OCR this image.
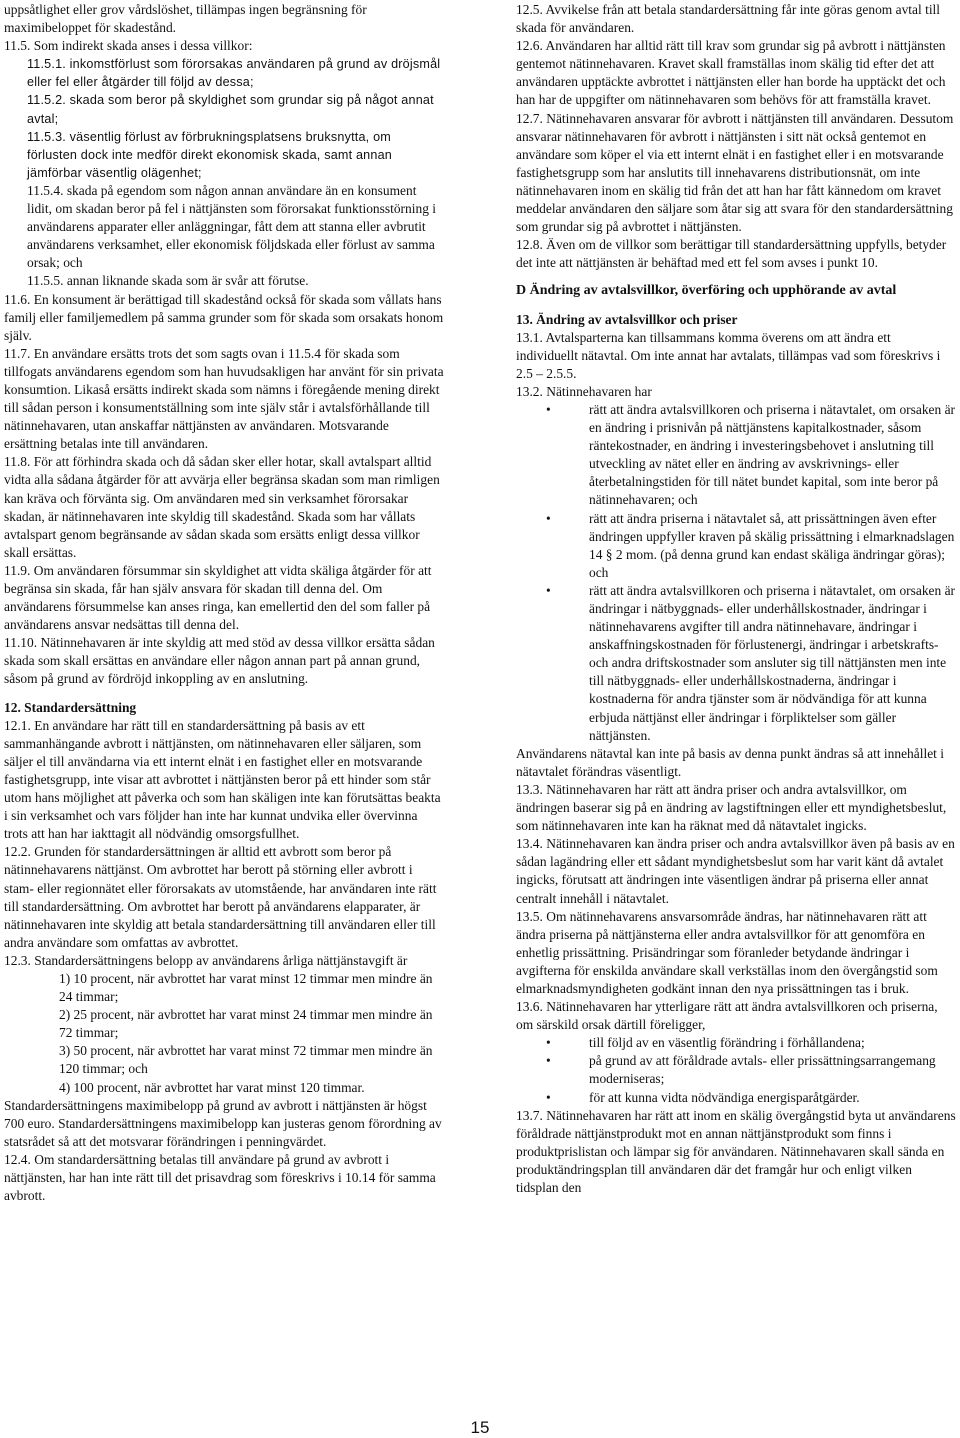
uppsåtlighet eller grov vårdslöshet, tillämpas ingen begränsning för maximibeloppet för skadestånd.

11.5. Som indirekt skada anses i dessa villkor:

11.5.1. inkomstförlust som förorsakas användaren på grund av dröjsmål eller fel eller åtgärder till följd av dessa;

11.5.2. skada som beror på skyldighet som grundar sig på något annat avtal;

11.5.3. väsentlig förlust av förbrukningsplatsens bruksnytta, om förlusten dock inte medför direkt ekonomisk skada, samt annan jämförbar väsentlig olägenhet;

11.5.4. skada på egendom som någon annan användare än en konsument lidit, om skadan beror på fel i nättjänsten som förorsakat funktionsstörning i användarens apparater eller anläggningar, fått dem att stanna eller avbrutit användarens verksamhet, eller ekonomisk följdskada eller förlust av samma orsak; och

11.5.5. annan liknande skada som är svår att förutse.

11.6. En konsument är berättigad till skadestånd också för skada som vållats hans familj eller familjemedlem på samma grunder som för skada som orsakats honom själv.

11.7. En användare ersätts trots det som sagts ovan i 11.5.4 för skada som tillfogats användarens egendom som han huvudsakligen har använt för sin privata konsumtion. Likaså ersätts indirekt skada som nämns i föregående mening direkt till sådan person i konsumentställning som inte själv står i avtalsförhållande till nätinnehavaren, utan anskaffar nättjänsten av användaren. Motsvarande ersättning betalas inte till användaren.

11.8. För att förhindra skada och då sådan sker eller hotar, skall avtalspart alltid vidta alla sådana åtgärder för att avvärja eller begränsa skadan som man rimligen kan kräva och förvänta sig. Om användaren med sin verksamhet förorsakar skadan, är nätinnehavaren inte skyldig till skadestånd. Skada som har vållats avtalspart genom begränsande av sådan skada som ersätts enligt dessa villkor skall ersättas.

11.9. Om användaren försummar sin skyldighet att vidta skäliga åtgärder för att begränsa sin skada, får han själv ansvara för skadan till denna del. Om användarens försummelse kan anses ringa, kan emellertid den del som faller på användarens ansvar nedsättas till denna del.

11.10. Nätinnehavaren är inte skyldig att med stöd av dessa villkor ersätta sådan skada som skall ersättas en användare eller någon annan part på annan grund, såsom på grund av fördröjd inkoppling av en anslutning.

12. Standardersättning

12.1. En användare har rätt till en standardersättning på basis av ett sammanhängande avbrott i nättjänsten, om nätinnehavaren eller säljaren, som säljer el till användarna via ett internt elnät i en fastighet eller en motsvarande fastighetsgrupp, inte visar att avbrottet i nättjänsten beror på ett hinder som står utom hans möjlighet att påverka och som han skäligen inte kan förutsättas beakta i sin verksamhet och vars följder han inte har kunnat undvika eller övervinna trots att han har iakttagit all nödvändig omsorgsfullhet.

12.2. Grunden för standardersättningen är alltid ett avbrott som beror på nätinnehavarens nättjänst. Om avbrottet har berott på störning eller avbrott i stam- eller regionnätet eller förorsakats av utomstående, har användaren inte rätt till standardersättning. Om avbrottet har berott på användarens elapparater, är nätinnehavaren inte skyldig att betala standardersättning till användaren eller till andra användare som omfattas av avbrottet.

12.3. Standardersättningens belopp av användarens årliga nättjänstavgift är

1) 10 procent, när avbrottet har varat minst 12 timmar men mindre än 24 timmar;

2) 25 procent, när avbrottet har varat minst 24 timmar men mindre än 72 timmar;

3) 50 procent, när avbrottet har varat minst 72 timmar men mindre än 120 timmar; och

4) 100 procent, när avbrottet har varat minst 120 timmar.

Standardersättningens maximibelopp på grund av avbrott i nättjänsten är högst 700 euro. Standardersättningens maximibelopp kan justeras genom förordning av statsrådet så att det motsvarar förändringen i penningvärdet.

12.4. Om standardersättning betalas till användare på grund av avbrott i nättjänsten, har han inte rätt till det prisavdrag som föreskrivs i 10.14 för samma avbrott.

12.5. Avvikelse från att betala standardersättning får inte göras genom avtal till skada för användaren.

12.6. Användaren har alltid rätt till krav som grundar sig på avbrott i nättjänsten gentemot nätinnehavaren. Kravet skall framställas inom skälig tid efter det att användaren upptäckte avbrottet i nättjänsten eller han borde ha upptäckt det och han har de uppgifter om nätinnehavaren som behövs för att framställa kravet.

12.7. Nätinnehavaren ansvarar för avbrott i nättjänsten till användaren. Dessutom ansvarar nätinnehavaren för avbrott i nättjänsten i sitt nät också gentemot en användare som köper el via ett internt elnät i en fastighet eller i en motsvarande fastighetsgrupp som har anslutits till innehavarens distributionsnät, om inte nätinnehavaren inom en skälig tid från det att han har fått kännedom om kravet meddelar användaren den säljare som åtar sig att svara för den standardersättning som grundar sig på avbrottet i nättjänsten.

12.8. Även om de villkor som berättigar till standardersättning uppfylls, betyder det inte att nättjänsten är behäftad med ett fel som avses i punkt 10.

D Ändring av avtalsvillkor, överföring och upphörande av avtal

13. Ändring av avtalsvillkor och priser

13.1. Avtalsparterna kan tillsammans komma överens om att ändra ett individuellt nätavtal. Om inte annat har avtalats, tillämpas vad som föreskrivs i 2.5 – 2.5.5.

13.2. Nätinnehavaren har

•	rätt att ändra avtalsvillkoren och priserna i nätavtalet, om orsaken är en ändring i prisnivån på nättjänstens kapitalkostnader, såsom räntekostnader, en ändring i investeringsbehovet i anslutning till utveckling av nätet eller en ändring av avskrivnings- eller återbetalningstiden för till nätet bundet kapital, som inte beror på nätinnehavaren; och
•	rätt att ändra priserna i nätavtalet så, att prissättningen även efter ändringen uppfyller kraven på skälig prissättning i elmarknadslagen 14 § 2 mom. (på denna grund kan endast skäliga ändringar göras); och
•	rätt att ändra avtalsvillkoren och priserna i nätavtalet, om orsaken är ändringar i nätbyggnads- eller underhållskostnader, ändringar i nätinnehavarens avgifter till andra nätinnehavare, ändringar i anskaffningskostnaden för förlustenergi, ändringar i arbetskrafts- och andra driftskostnader som ansluter sig till nättjänsten men inte till nätbyggnads- eller underhållskostnaderna, ändringar i kostnaderna för andra tjänster som är nödvändiga för att kunna erbjuda nättjänst eller ändringar i förpliktelser som gäller nättjänsten.

Användarens nätavtal kan inte på basis av denna punkt ändras så att innehållet i nätavtalet förändras väsentligt.

13.3. Nätinnehavaren har rätt att ändra priser och andra avtalsvillkor, om ändringen baserar sig på en ändring av lagstiftningen eller ett myndighetsbeslut, som nätinnehavaren inte kan ha räknat med då nätavtalet ingicks.

13.4. Nätinnehavaren kan ändra priser och andra avtalsvillkor även på basis av en sådan lagändring eller ett sådant myndighetsbeslut som har varit känt då avtalet ingicks, förutsatt att ändringen inte väsentligen ändrar på priserna eller annat centralt innehåll i nätavtalet.

13.5. Om nätinnehavarens ansvarsområde ändras, har nätinnehavaren rätt att ändra priserna på nättjänsterna eller andra avtalsvillkor för att genomföra en enhetlig prissättning. Prisändringar som föranleder betydande ändringar i avgifterna för enskilda användare skall verkställas inom den övergångstid som elmarknadsmyndigheten godkänt innan den nya prissättningen tas i bruk.

13.6. Nätinnehavaren har ytterligare rätt att ändra avtalsvillkoren och priserna, om särskild orsak därtill föreligger,

•	till följd av en väsentlig förändring i förhållandena;
•	på grund av att föråldrade avtals- eller prissättningsarrangemang moderniseras;
•	för att kunna vidta nödvändiga energisparåtgärder.

13.7. Nätinnehavaren har rätt att inom en skälig övergångstid byta ut användarens föråldrade nättjänstprodukt mot en annan nättjänstprodukt som finns i produktprislistan och lämpar sig för användaren. Nätinnehavaren skall sända en produktändringsplan till användaren där det framgår hur och enligt vilken tidsplan den

15
